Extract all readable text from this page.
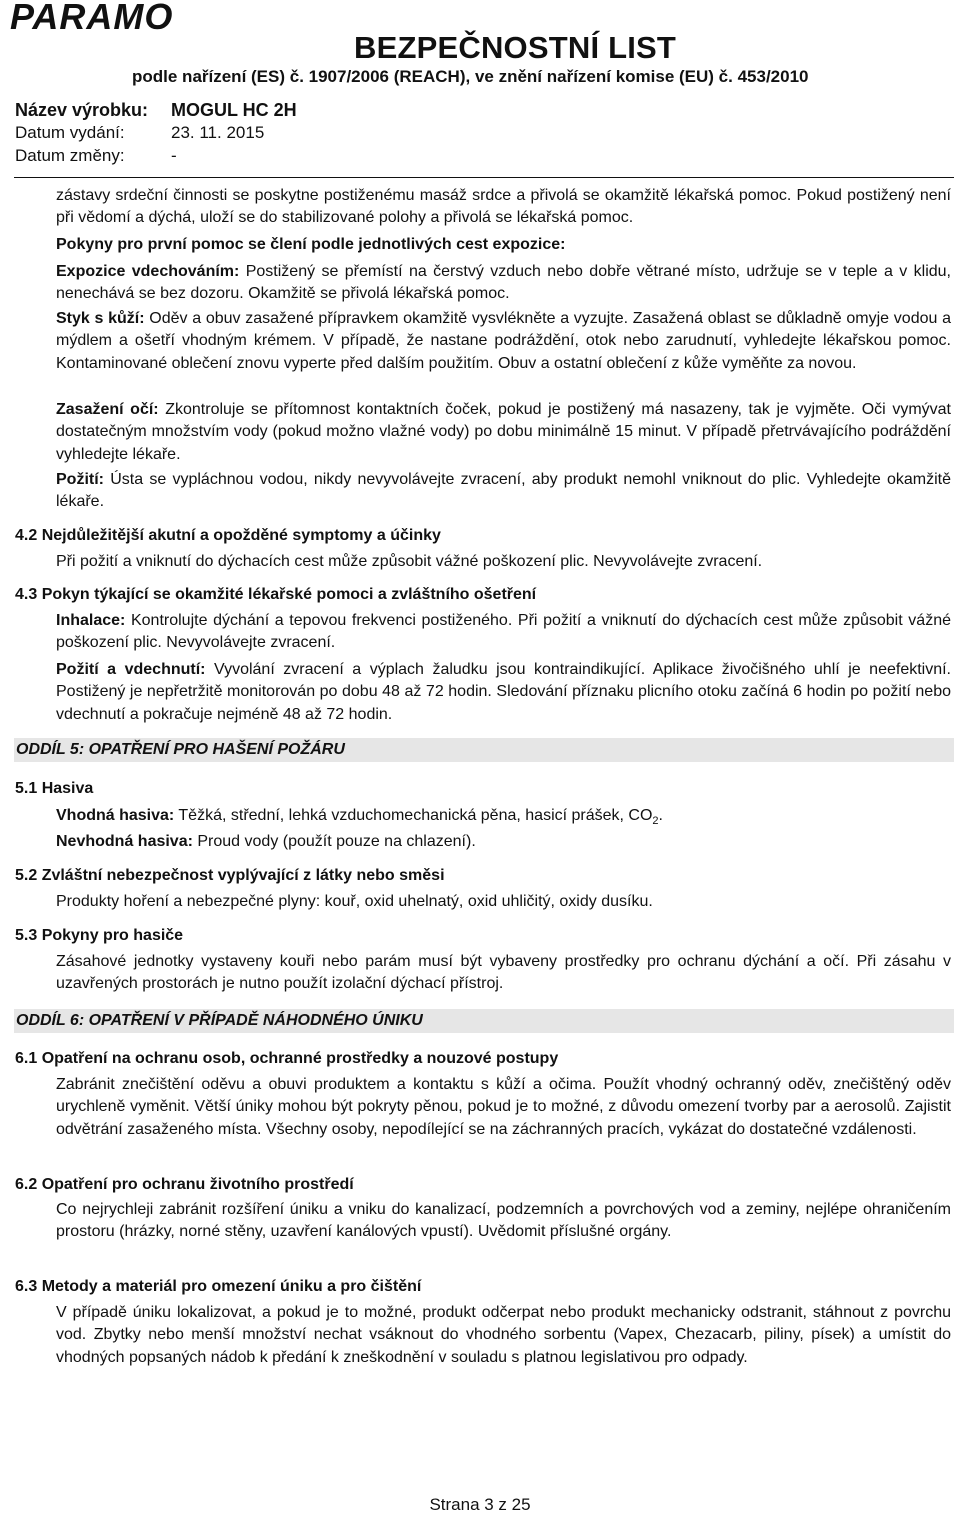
PARAMO
BEZPEČNOSTNÍ LIST
podle nařízení (ES) č. 1907/2006 (REACH), ve znění nařízení komise (EU) č. 453/2010
Název výrobku: MOGUL HC 2H
Datum vydání:	23. 11. 2015
Datum změny:	-
zástavy srdeční činnosti se poskytne postiženému masáž srdce a přivolá se okamžitě lékařská pomoc. Pokud postižený není při vědomí a dýchá, uloží se do stabilizované polohy a přivolá se lékařská pomoc.
Pokyny pro první pomoc se člení podle jednotlivých cest expozice:
Expozice vdechováním: Postižený se přemístí na čerstvý vzduch nebo dobře větrané místo, udržuje se v teple a v klidu, nenechává se bez dozoru. Okamžitě se přivolá lékařská pomoc.
Styk s kůží: Oděv a obuv zasažené přípravkem okamžitě vysvlékněte a vyzujte. Zasažená oblast se důkladně omyje vodou a mýdlem a ošetří vhodným krémem. V případě, že nastane podráždění, otok nebo zarudnutí, vyhledejte lékařskou pomoc. Kontaminované oblečení znovu vyperte před dalším použitím. Obuv a ostatní oblečení z kůže vyměňte za novou.
Zasažení očí: Zkontroluje se přítomnost kontaktních čoček, pokud je postižený má nasazeny, tak je vyjměte. Oči vymývat dostatečným množstvím vody (pokud možno vlažné vody) po dobu minimálně 15 minut. V případě přetrvávajícího podráždění vyhledejte lékaře.
Požití: Ústa se vypláchnou vodou, nikdy nevyvolávejte zvracení, aby produkt nemohl vniknout do plic. Vyhledejte okamžitě lékaře.
4.2 Nejdůležitější akutní a opožděné symptomy a účinky
Při požití a vniknutí do dýchacích cest může způsobit vážné poškození plic. Nevyvolávejte zvracení.
4.3 Pokyn týkající se okamžité lékařské pomoci a zvláštního ošetření
Inhalace: Kontrolujte dýchání a tepovou frekvenci postiženého. Při požití a vniknutí do dýchacích cest může způsobit vážné poškození plic. Nevyvolávejte zvracení.
Požití a vdechnutí: Vyvolání zvracení a výplach žaludku jsou kontraindikující. Aplikace živočišného uhlí je neefektivní. Postižený je nepřetržitě monitorován po dobu 48 až 72 hodin. Sledování příznaku plicního otoku začíná 6 hodin po požití nebo vdechnutí a pokračuje nejméně 48 až 72 hodin.
ODDÍL 5: OPATŘENÍ PRO HAŠENÍ POŽÁRU
5.1 Hasiva
Vhodná hasiva: Těžká, střední, lehká vzduchomechanická pěna, hasicí prášek, $CO_2$.
Nevhodná hasiva: Proud vody (použít pouze na chlazení).
5.2 Zvláštní nebezpečnost vyplývající z látky nebo směsi
Produkty hoření a nebezpečné plyny: kouř, oxid uhelnatý, oxid uhličitý, oxidy dusíku.
5.3 Pokyny pro hasiče
Zásahové jednotky vystaveny kouři nebo parám musí být vybaveny prostředky pro ochranu dýchání a očí. Při zásahu v uzavřených prostorách je nutno použít izolační dýchací přístroj.
ODDÍL 6: OPATŘENÍ V PŘÍPADĚ NÁHODNÉHO ÚNIKU
6.1 Opatření na ochranu osob, ochranné prostředky a nouzové postupy
Zabránit znečištění oděvu a obuvi produktem a kontaktu s kůží a očima. Použít vhodný ochranný oděv, znečištěný oděv urychleně vyměnit. Větší úniky mohou být pokryty pěnou, pokud je to možné, z důvodu omezení tvorby par a aerosolů. Zajistit odvětrání zasaženého místa. Všechny osoby, nepodílející se na záchranných pracích, vykázat do dostatečné vzdálenosti.
6.2 Opatření pro ochranu životního prostředí
Co nejrychleji zabránit rozšíření úniku a vniku do kanalizací, podzemních a povrchových vod a zeminy, nejlépe ohraničením prostoru (hrázky, norné stěny, uzavření kanálových vpustí). Uvědomit příslušné orgány.
6.3 Metody a materiál pro omezení úniku a pro čištění
V případě úniku lokalizovat, a pokud je to možné, produkt odčerpat nebo produkt mechanicky odstranit, stáhnout z povrchu vod. Zbytky nebo menší množství nechat vsáknout do vhodného sorbentu (Vapex, Chezacarb, piliny, písek) a umístit do vhodných popsaných nádob k předání k zneškodnění v souladu s platnou legislativou pro odpady.
Strana 3 z 25
